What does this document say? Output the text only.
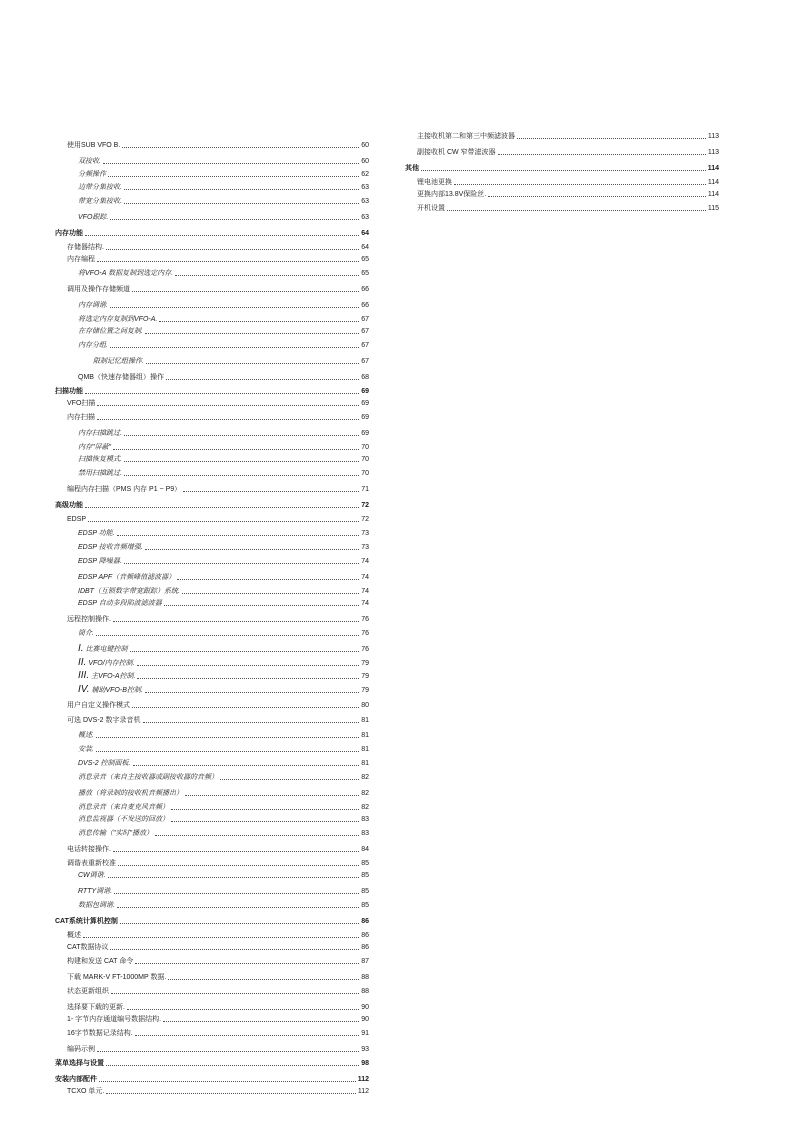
使用SUB VFO B.	60
双接收.	60
分频操作	62
边带分集接收.	63
带宽分集接收.	63
VFO跟踪.	63
内存功能	64
存储器结构.	64
内存编程	65
将VFO-A 数据复制到选定内存.	65
调用及操作存储频道	66
内存调谐.	66
将选定内存复制到VFO-A.	67
在存储位置之间复制.	67
内存分组.	67
限制记忆组操作.	67
QMB（快速存储器组）操作	68
扫描功能	69
VFO扫描	69
内存扫描	69
内存扫描跳过.	69
内存"屏蔽"	70
扫描恢复模式.	70
禁用扫描跳过.	70
编程内存扫描（PMS 内存 P1 ~ P9）	71
高级功能	72
EDSP	72
EDSP 功能.	73
EDSP 接收音频增强.	73
EDSP 降噪器.	74
EDSP APF（音频峰值滤波器）	74
IDBT（互锁数字带宽跟踪）系统.	74
EDSP 自动多段陷波滤波器	74
远程控制操作.	76
简介.	76
I. 比赛电键控制	76
II. VFO/内存控制.	79
III. 主VFO-A控制.	79
IV. 辅助VFO-B控制.	79
用户自定义操作模式	80
可选 DVS-2 数字录音机	81
概述.	81
安装.	81
DVS-2 控制面板.	81
消息录音（来自主接收器或副接收器的音频）	82
播放（将录制的接收机音频播出）	82
消息录音（来自麦克风音频）	82
消息监视器（不发送的回放）	83
消息传输（"实时"播放）	83
电话转接操作.	84
调谐表重新校准	85
CW调谐.	85
RTTY调谐.	85
数据包调谐.	85
CAT系统计算机控制	86
概述	86
CAT数据协议	86
构建和发送 CAT 命令	87
下载 MARK-V FT-1000MP 数据.	88
状态更新组织	88
选择要下载的更新.	90
1- 字节内存通道编号数据结构.	90
16字节数据记录结构.	91
编码示例	93
菜单选择与设置	98
安装内部配件	112
TCXO 单元.	112
主接收机第二和第三中频滤波器	113
副接收机 CW 窄带滤波器	113
其他	114
锂电池更换	114
更换内部13.8V保险丝.	114
开机设置	115
